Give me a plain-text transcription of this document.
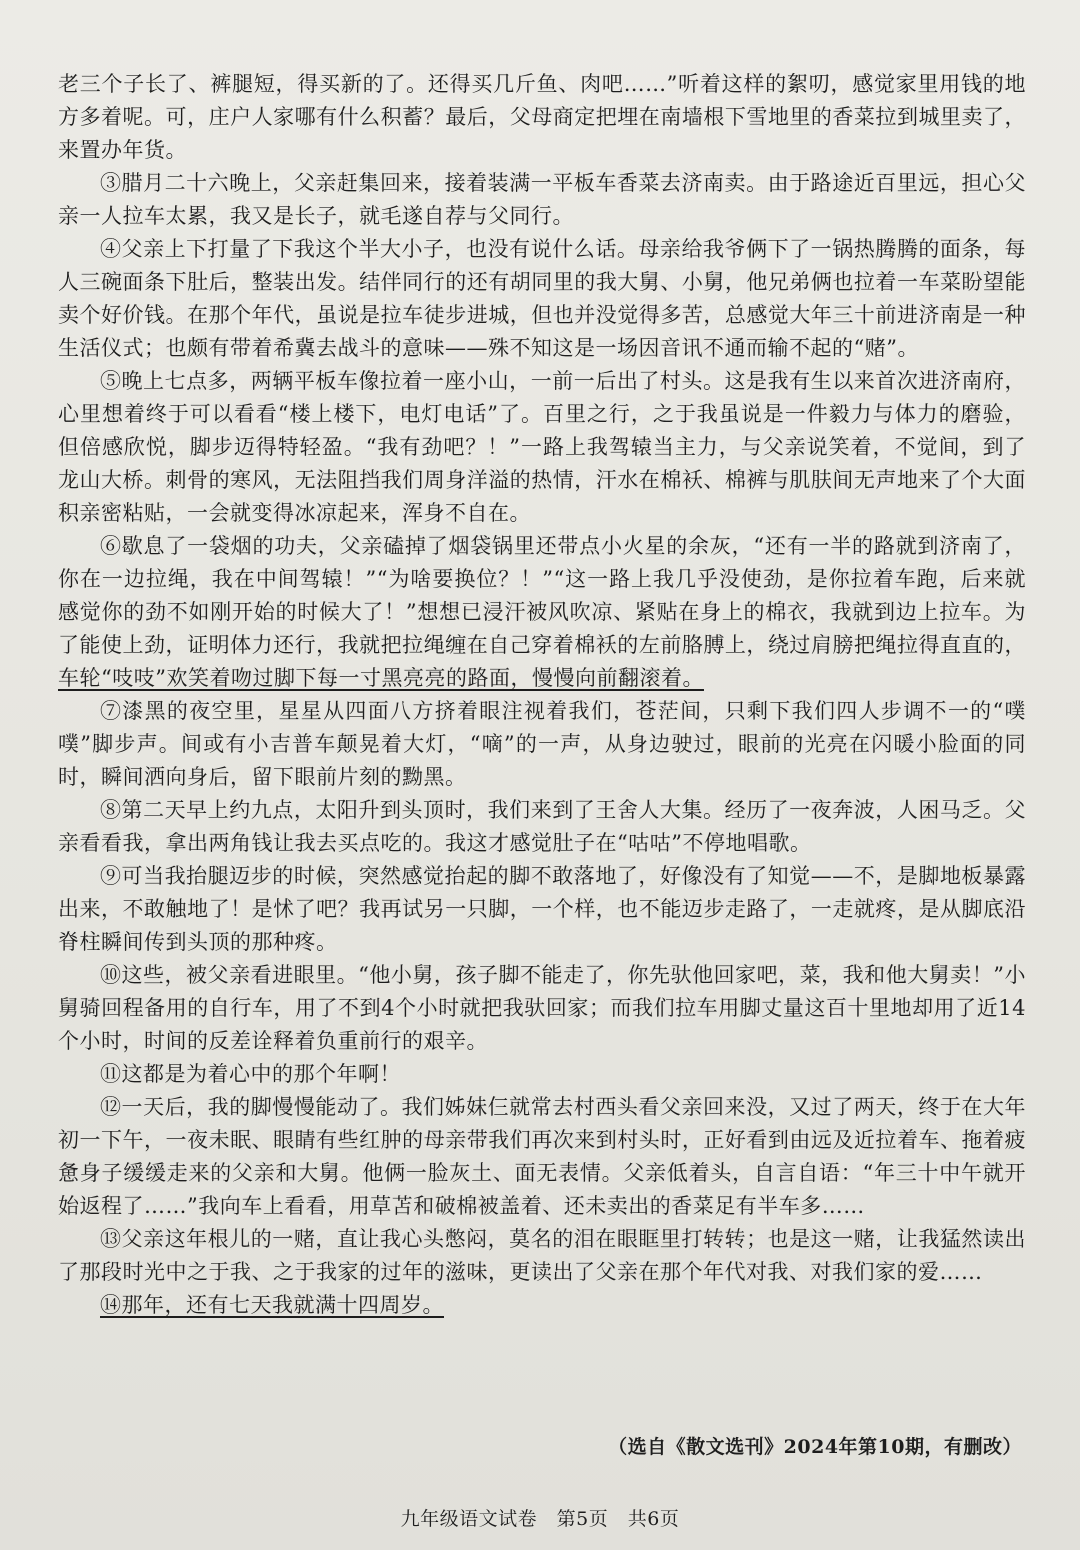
老三个子长了、裤腿短，得买新的了。还得买几斤鱼、肉吧……”听着这样的絮叨，感觉家里用钱的地方多着呢。可，庄户人家哪有什么积蓄？最后，父母商定把埋在南墙根下雪地里的香菜拉到城里卖了，来置办年货。

③腊月二十六晚上，父亲赶集回来，接着装满一平板车香菜去济南卖。由于路途近百里远，担心父亲一人拉车太累，我又是长子，就毛遂自荐与父同行。

④父亲上下打量了下我这个半大小子，也没有说什么话。母亲给我爷俩下了一锅热腾腾的面条，每人三碗面条下肚后，整装出发。结伴同行的还有胡同里的我大舅、小舅，他兄弟俩也拉着一车菜盼望能卖个好价钱。在那个年代，虽说是拉车徒步进城，但也并没觉得多苦，总感觉大年三十前进济南是一种生活仪式；也颇有带着希冀去战斗的意味——殊不知这是一场因音讯不通而输不起的“赌”。

⑤晚上七点多，两辆平板车像拉着一座小山，一前一后出了村头。这是我有生以来首次进济南府，心里想着终于可以看看“楼上楼下，电灯电话”了。百里之行，之于我虽说是一件毅力与体力的磨验，但倍感欣悦，脚步迈得特轻盈。“我有劲吧？！”一路上我驾辕当主力，与父亲说笑着，不觉间，到了龙山大桥。刺骨的寒风，无法阻挡我们周身洋溢的热情，汗水在棉袄、棉裤与肌肤间无声地来了个大面积亲密粘贴，一会就变得冰凉起来，浑身不自在。

⑥歇息了一袋烟的功夫，父亲磕掉了烟袋锅里还带点小火星的余灰，“还有一半的路就到济南了，你在一边拉绳，我在中间驾辕！”“为啥要换位？！”“这一路上我几乎没使劲，是你拉着车跑，后来就感觉你的劲不如刚开始的时候大了！”想想已浸汗被风吹凉、紧贴在身上的棉衣，我就到边上拉车。为了能使上劲，证明体力还行，我就把拉绳缠在自己穿着棉袄的左前胳膊上，绕过肩膀把绳拉得直直的，车轮“吱吱”欢笑着吻过脚下每一寸黑亮亮的路面，慢慢向前翻滚着。

⑦漆黑的夜空里，星星从四面八方挤着眼注视着我们，苍茫间，只剩下我们四人步调不一的“噗噗”脚步声。间或有小吉普车颠晃着大灯，“嘀”的一声，从身边驶过，眼前的光亮在闪暖小脸面的同时，瞬间洒向身后，留下眼前片刻的黝黑。

⑧第二天早上约九点，太阳升到头顶时，我们来到了王舍人大集。经历了一夜奔波，人困马乏。父亲看看我，拿出两角钱让我去买点吃的。我这才感觉肚子在“咕咕”不停地唱歌。

⑨可当我抬腿迈步的时候，突然感觉抬起的脚不敢落地了，好像没有了知觉——不，是脚地板暴露出来，不敢触地了！是怵了吧？我再试另一只脚，一个样，也不能迈步走路了，一走就疼，是从脚底沿脊柱瞬间传到头顶的那种疼。

⑩这些，被父亲看进眼里。“他小舅，孩子脚不能走了，你先驮他回家吧，菜，我和他大舅卖！”小舅骑回程备用的自行车，用了不到4个小时就把我驮回家；而我们拉车用脚丈量这百十里地却用了近14个小时，时间的反差诠释着负重前行的艰辛。

⑪这都是为着心中的那个年啊！

⑫一天后，我的脚慢慢能动了。我们姊妹仨就常去村西头看父亲回来没，又过了两天，终于在大年初一下午，一夜未眠、眼睛有些红肿的母亲带我们再次来到村头时，正好看到由远及近拉着车、拖着疲惫身子缓缓走来的父亲和大舅。他俩一脸灰土、面无表情。父亲低着头，自言自语：“年三十中午就开始返程了……”我向车上看看，用草苫和破棉被盖着、还未卖出的香菜足有半车多……

⑬父亲这年根儿的一赌，直让我心头憋闷，莫名的泪在眼眶里打转转；也是这一赌，让我猛然读出了那段时光中之于我、之于我家的过年的滋味，更读出了父亲在那个年代对我、对我们家的爱……

⑭那年，还有七天我就满十四周岁。

（选自《散文选刊》2024年第10期，有删改）
九年级语文试卷　第5页　共6页
